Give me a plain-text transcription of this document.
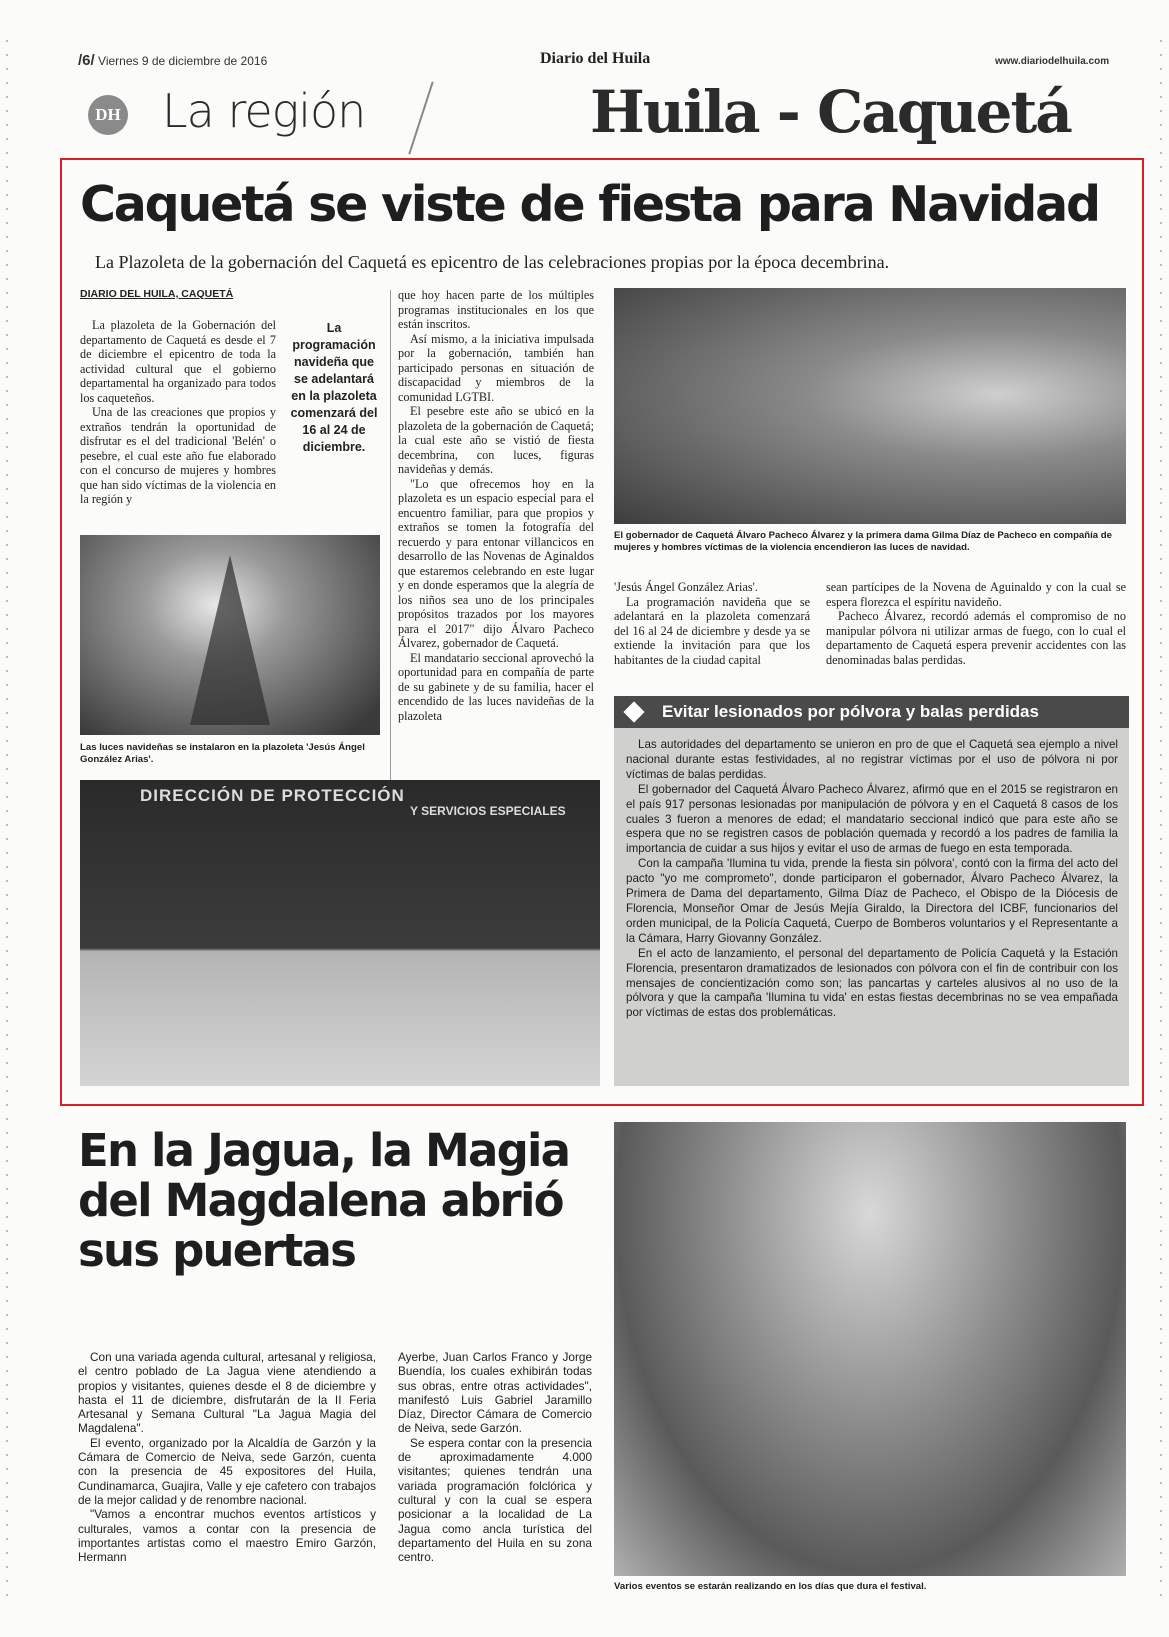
/6/ Viernes 9 de diciembre de 2016	Diario del Huila	www.diariodelhuila.com
DH La región	Huila - Caquetá
Caquetá se viste de fiesta para Navidad
La Plazoleta de la gobernación del Caquetá es epicentro de las celebraciones propias por la época decembrina.
DIARIO DEL HUILA, CAQUETÁ

La plazoleta de la Gobernación del departamento de Caquetá es desde el 7 de diciembre el epicentro de toda la actividad cultural que el gobierno departamental ha organizado para todos los caqueteños.

Una de las creaciones que propios y extraños tendrán la oportunidad de disfrutar es el del tradicional 'Belén' o pesebre, el cual este año fue elaborado con el concurso de mujeres y hombres que han sido víctimas de la violencia en la región y

La programación navideña que se adelantará en la plazoleta comenzará del 16 al 24 de diciembre.

que hoy hacen parte de los múltiples programas institucionales en los que están inscritos.

Así mismo, a la iniciativa impulsada por la gobernación, también han participado personas en situación de discapacidad y miembros de la comunidad LGTBI.

El pesebre este año se ubicó en la plazoleta de la gobernación de Caquetá; la cual este año se vistió de fiesta decembrina, con luces, figuras navideñas y demás.

"Lo que ofrecemos hoy en la plazoleta es un espacio especial para el encuentro familiar, para que propios y extraños se tomen la fotografía del recuerdo y para entonar villancicos en desarrollo de las Novenas de Aginaldos que estaremos celebrando en este lugar y en donde esperamos que la alegría de los niños sea uno de los principales propósitos trazados por los mayores para el 2017" dijo Álvaro Pacheco Álvarez, gobernador de Caquetá.

El mandatario seccional aprovechó la oportunidad para en compañía de parte de su gabinete y de su familia, hacer el encendido de las luces navideñas de la plazoleta

El gobernador de Caquetá Álvaro Pacheco Álvarez y la primera dama Gilma Díaz de Pacheco en compañía de mujeres y hombres víctimas de la violencia encendieron las luces de navidad.
Las luces navideñas se instalaron en la plazoleta 'Jesús Ángel González Arias'.
DIRECCIÓN DE PROTECCIÓN
Y SERVICIOS ESPECIALES

'Jesús Ángel González Arias'.

La programación navideña que se adelantará en la plazoleta comenzará del 16 al 24 de diciembre y desde ya se extiende la invitación para que los habitantes de la ciudad capital

sean partícipes de la Novena de Aguinaldo y con la cual se espera florezca el espíritu navideño.

Pacheco Álvarez, recordó además el compromiso de no manipular pólvora ni utilizar armas de fuego, con lo cual el departamento de Caquetá espera prevenir accidentes con las denominadas balas perdidas.

Evitar lesionados por pólvora y balas perdidas

Las autoridades del departamento se unieron en pro de que el Caquetá sea ejemplo a nivel nacional durante estas festividades, al no registrar víctimas por el uso de pólvora ni por víctimas de balas perdidas.

El gobernador del Caquetá Álvaro Pacheco Álvarez, afirmó que en el 2015 se registraron en el país 917 personas lesionadas por manipulación de pólvora y en el Caquetá 8 casos de los cuales 3 fueron a menores de edad; el mandatario seccional indicó que para este año se espera que no se registren casos de población quemada y recordó a los padres de familia la importancia de cuidar a sus hijos y evitar el uso de armas de fuego en esta temporada.

Con la campaña 'Ilumina tu vida, prende la fiesta sin pólvora', contó con la firma del acto del pacto "yo me comprometo", donde participaron el gobernador, Álvaro Pacheco Álvarez, la Primera de Dama del departamento, Gilma Díaz de Pacheco, el Obispo de la Diócesis de Florencia, Monseñor Omar de Jesús Mejía Giraldo, la Directora del ICBF, funcionarios del orden municipal, de la Policía Caquetá, Cuerpo de Bomberos voluntarios y el Representante a la Cámara, Harry Giovanny González.

En el acto de lanzamiento, el personal del departamento de Policía Caquetá y la Estación Florencia, presentaron dramatizados de lesionados con pólvora con el fin de contribuir con los mensajes de concientización como son; las pancartas y carteles alusivos al no uso de la pólvora y que la campaña 'Ilumina tu vida' en estas fiestas decembrinas no se vea empañada por víctimas de estas dos problemáticas.

En la Jagua, la Magia del Magdalena abrió sus puertas

Con una variada agenda cultural, artesanal y religiosa, el centro poblado de La Jagua viene atendiendo a propios y visitantes, quienes desde el 8 de diciembre y hasta el 11 de diciembre, disfrutarán de la II Feria Artesanal y Semana Cultural "La Jagua Magia del Magdalena".

El evento, organizado por la Alcaldía de Garzón y la Cámara de Comercio de Neiva, sede Garzón, cuenta con la presencia de 45 expositores del Huila, Cundinamarca, Guajira, Valle y eje cafetero con trabajos de la mejor calidad y de renombre nacional.

"Vamos a encontrar muchos eventos artísticos y culturales, vamos a contar con la presencia de importantes artistas como el maestro Emiro Garzón, Hermann

Ayerbe, Juan Carlos Franco y Jorge Buendía, los cuales exhibirán todas sus obras, entre otras actividades", manifestó Luis Gabriel Jaramillo Díaz, Director Cámara de Comercio de Neiva, sede Garzón.

Se espera contar con la presencia de aproximadamente 4.000 visitantes; quienes tendrán una variada programación folclórica y cultural y con la cual se espera posicionar a la localidad de La Jagua como ancla turística del departamento del Huila en su zona centro.

Varios eventos se estarán realizando en los días que dura el festival.
